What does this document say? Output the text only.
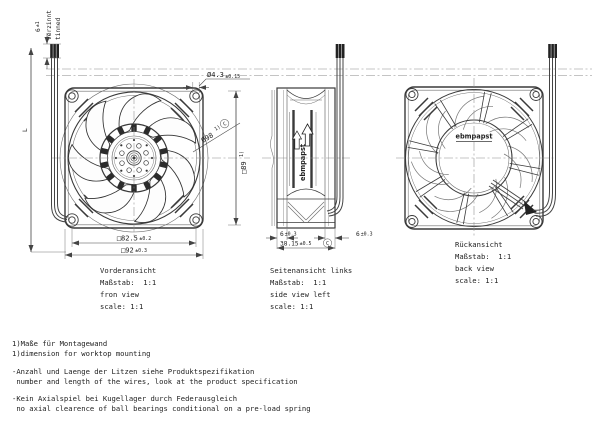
6±1 verzinnt tinned
L
Ø4.3 ±0.15
Ø98
1) C
□89
1)
□82.5 ±0.2
□92 ±0.3
Vorderansicht
Maßstab:  1:1
fron view
scale: 1:1
ebmpapst
6±0.3	6±0.3
38.15±0.5	C
Seitenansicht links
Maßstab:  1:1
side view left
scale: 1:1
ebmpapst
Rückansicht
Maßstab:  1:1
back view
scale: 1:1
1)Maße für Montagewand
1)dimension for worktop mounting
-Anzahl und Laenge der Litzen siehe Produktspezifikation
number and length of the wires, look at the product specification
-Kein Axialspiel bei Kugellager durch Federausgleich
no axial clearence of ball bearings conditional on a pre-load spring
